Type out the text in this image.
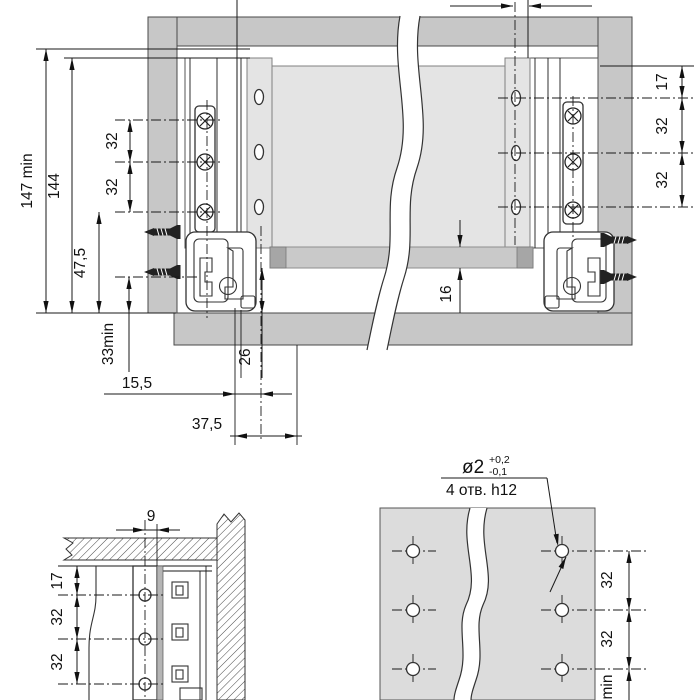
147 min 144
32
32
47,5
33min
15,5
37,5
26
16
17
32
32
9
17
32
32
ø2 +0,2
-0,1
4 отв. h12
32
32
min
